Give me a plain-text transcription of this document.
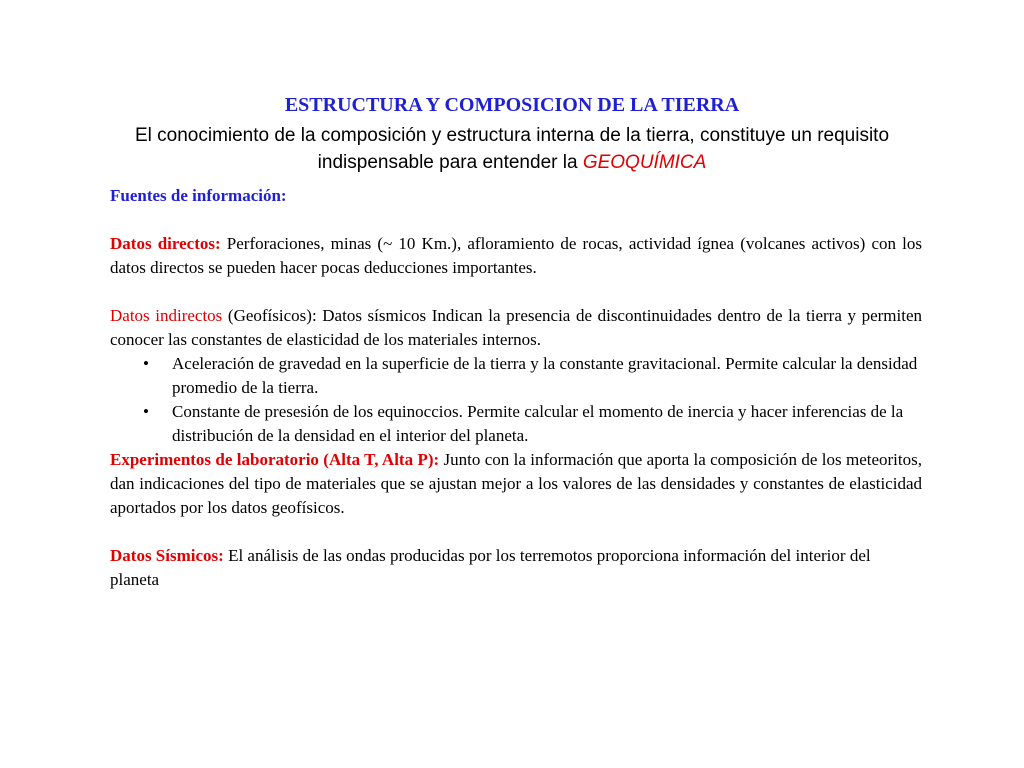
ESTRUCTURA Y COMPOSICION DE LA TIERRA

El conocimiento de la composición y estructura interna de la tierra, constituye un requisito indispensable para entender la GEOQUÍMICA

Fuentes de información:

Datos directos: Perforaciones, minas (~ 10 Km.), afloramiento de rocas, actividad ígnea (volcanes activos) con los datos directos se pueden hacer pocas deducciones importantes.

Datos indirectos (Geofísicos): Datos sísmicos Indican la presencia de discontinuidades dentro de la tierra y permiten conocer las constantes de elasticidad de los materiales internos.

• Aceleración de gravedad en la superficie de la tierra y la constante gravitacional. Permite calcular la densidad promedio de la tierra.
• Constante de presesión de los equinoccios. Permite calcular el momento de inercia y hacer inferencias de la distribución de la densidad en el interior del planeta.

Experimentos de laboratorio (Alta T, Alta P): Junto con la información que aporta la composición de los meteoritos, dan indicaciones del tipo de materiales que se ajustan mejor a los valores de las densidades y constantes de elasticidad aportados por los datos geofísicos.

Datos Sísmicos: El análisis de las ondas producidas por los terremotos proporciona información del interior del planeta
